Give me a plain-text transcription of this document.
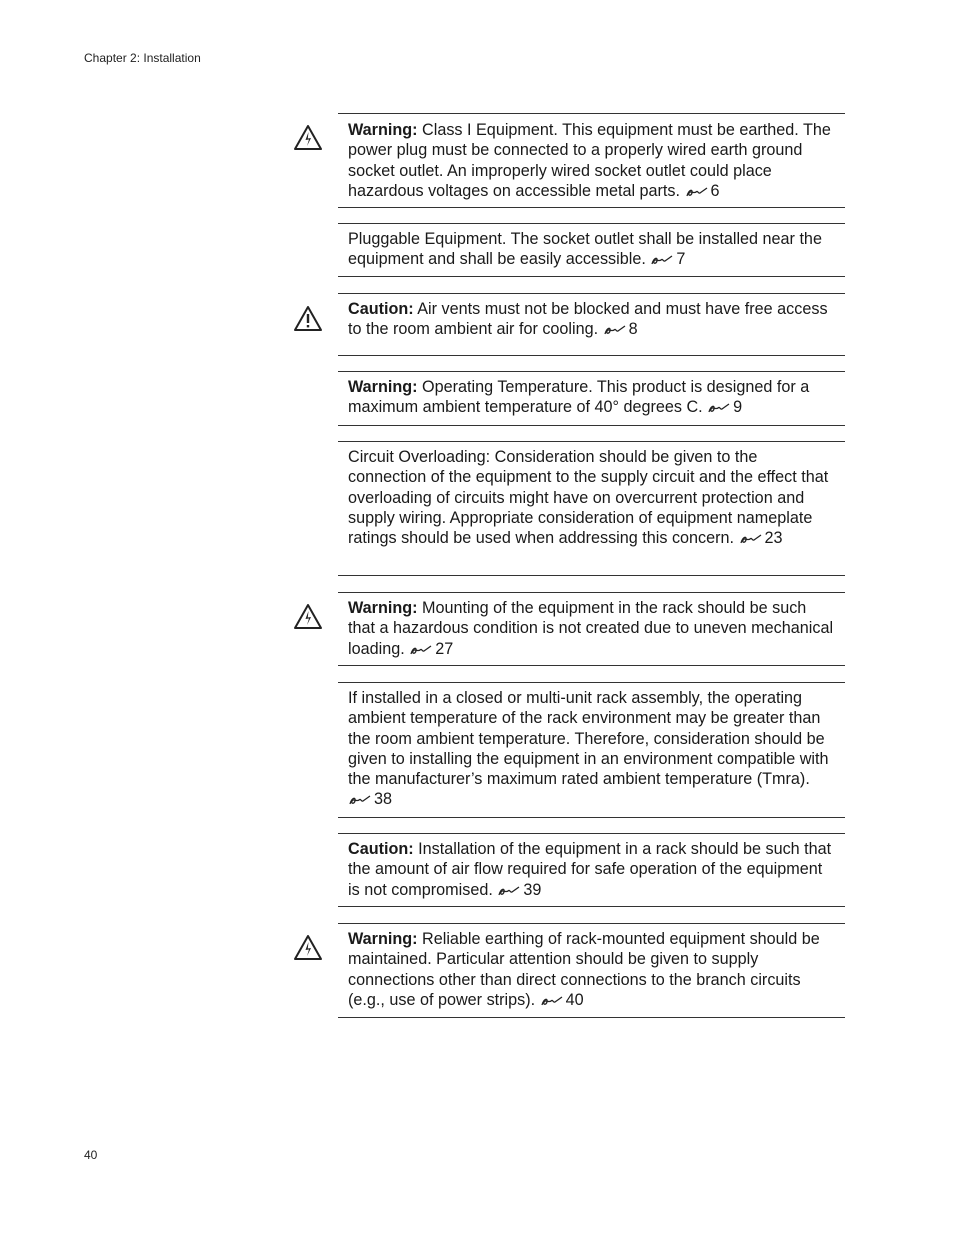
Chapter 2: Installation

Warning: Class I Equipment. This equipment must be earthed. The power plug must be connected to a properly wired earth ground socket outlet. An improperly wired socket outlet could place hazardous voltages on accessible metal parts. 6

Pluggable Equipment. The socket outlet shall be installed near the equipment and shall be easily accessible. 7

Caution: Air vents must not be blocked and must have free access to the room ambient air for cooling. 8

Warning: Operating Temperature. This product is designed for a maximum ambient temperature of 40° degrees C. 9

Circuit Overloading: Consideration should be given to the connection of the equipment to the supply circuit and the effect that overloading of circuits might have on overcurrent protection and supply wiring. Appropriate consideration of equipment nameplate ratings should be used when addressing this concern. 23

Warning: Mounting of the equipment in the rack should be such that a hazardous condition is not created due to uneven mechanical loading. 27

If installed in a closed or multi-unit rack assembly, the operating ambient temperature of the rack environment may be greater than the room ambient temperature. Therefore, consideration should be given to installing the equipment in an environment compatible with the manufacturer’s maximum rated ambient temperature (Tmra). 38

Caution: Installation of the equipment in a rack should be such that the amount of air flow required for safe operation of the equipment is not compromised. 39

Warning: Reliable earthing of rack-mounted equipment should be maintained. Particular attention should be given to supply connections other than direct connections to the branch circuits (e.g., use of power strips). 40

40
